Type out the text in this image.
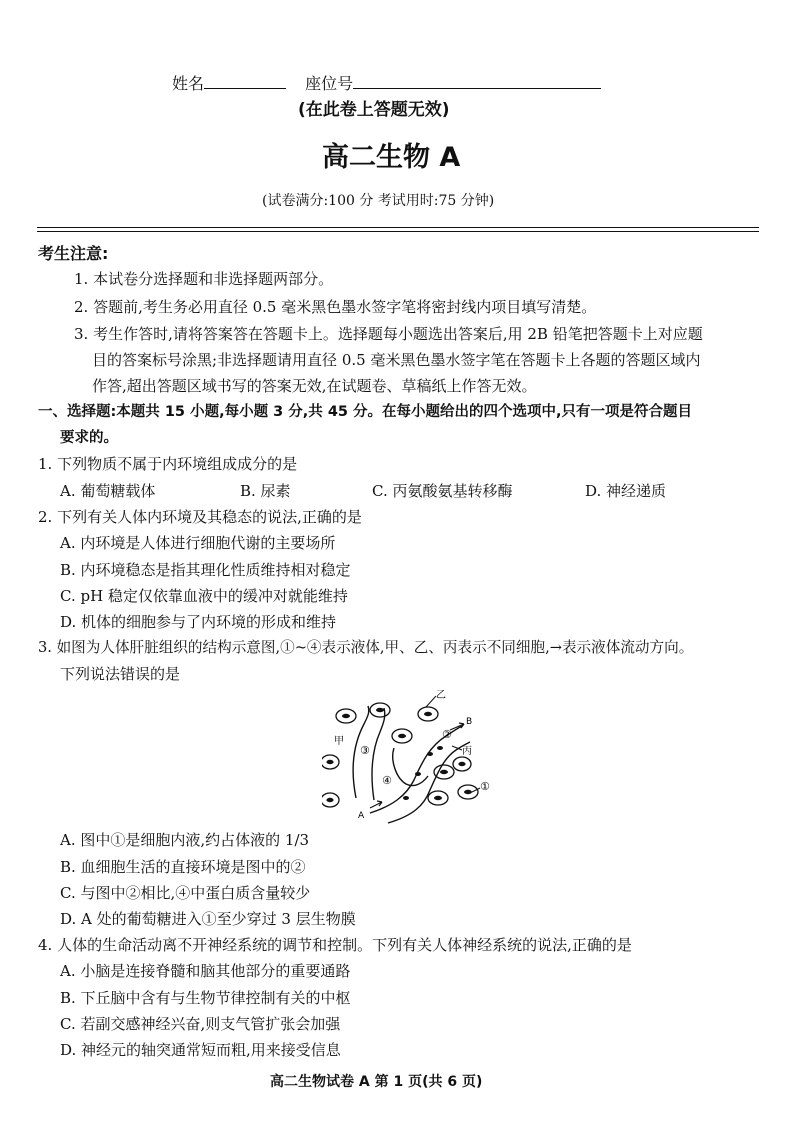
姓名	座位号
(在此卷上答题无效)
高二生物 A
(试卷满分:100 分 考试用时:75 分钟)
考生注意:
1. 本试卷分选择题和非选择题两部分。
2. 答题前,考生务必用直径 0.5 毫米黑色墨水签字笔将密封线内项目填写清楚。
3. 考生作答时,请将答案答在答题卡上。选择题每小题选出答案后,用 2B 铅笔把答题卡上对应题
目的答案标号涂黑;非选择题请用直径 0.5 毫米黑色墨水签字笔在答题卡上各题的答题区域内
作答,超出答题区域书写的答案无效,在试题卷、草稿纸上作答无效。
一、选择题:本题共 15 小题,每小题 3 分,共 45 分。在每小题给出的四个选项中,只有一项是符合题目
要求的。
1. 下列物质不属于内环境组成成分的是
A. 葡萄糖载体	B. 尿素	C. 丙氨酸氨基转移酶	D. 神经递质
2. 下列有关人体内环境及其稳态的说法,正确的是
A. 内环境是人体进行细胞代谢的主要场所
B. 内环境稳态是指其理化性质维持相对稳定
C. pH 稳定仅依靠血液中的缓冲对就能维持
D. 机体的细胞参与了内环境的形成和维持
3. 如图为人体肝脏组织的结构示意图,①~④表示液体,甲、乙、丙表示不同细胞,→表示液体流动方向。
下列说法错误的是
乙
B
②
丙
甲
③
④	①
A
A. 图中①是细胞内液,约占体液的 1/3
B. 血细胞生活的直接环境是图中的②
C. 与图中②相比,④中蛋白质含量较少
D. A 处的葡萄糖进入①至少穿过 3 层生物膜
4. 人体的生命活动离不开神经系统的调节和控制。下列有关人体神经系统的说法,正确的是
A. 小脑是连接脊髓和脑其他部分的重要通路
B. 下丘脑中含有与生物节律控制有关的中枢
C. 若副交感神经兴奋,则支气管扩张会加强
D. 神经元的轴突通常短而粗,用来接受信息
高二生物试卷 A 第 1 页(共 6 页)
